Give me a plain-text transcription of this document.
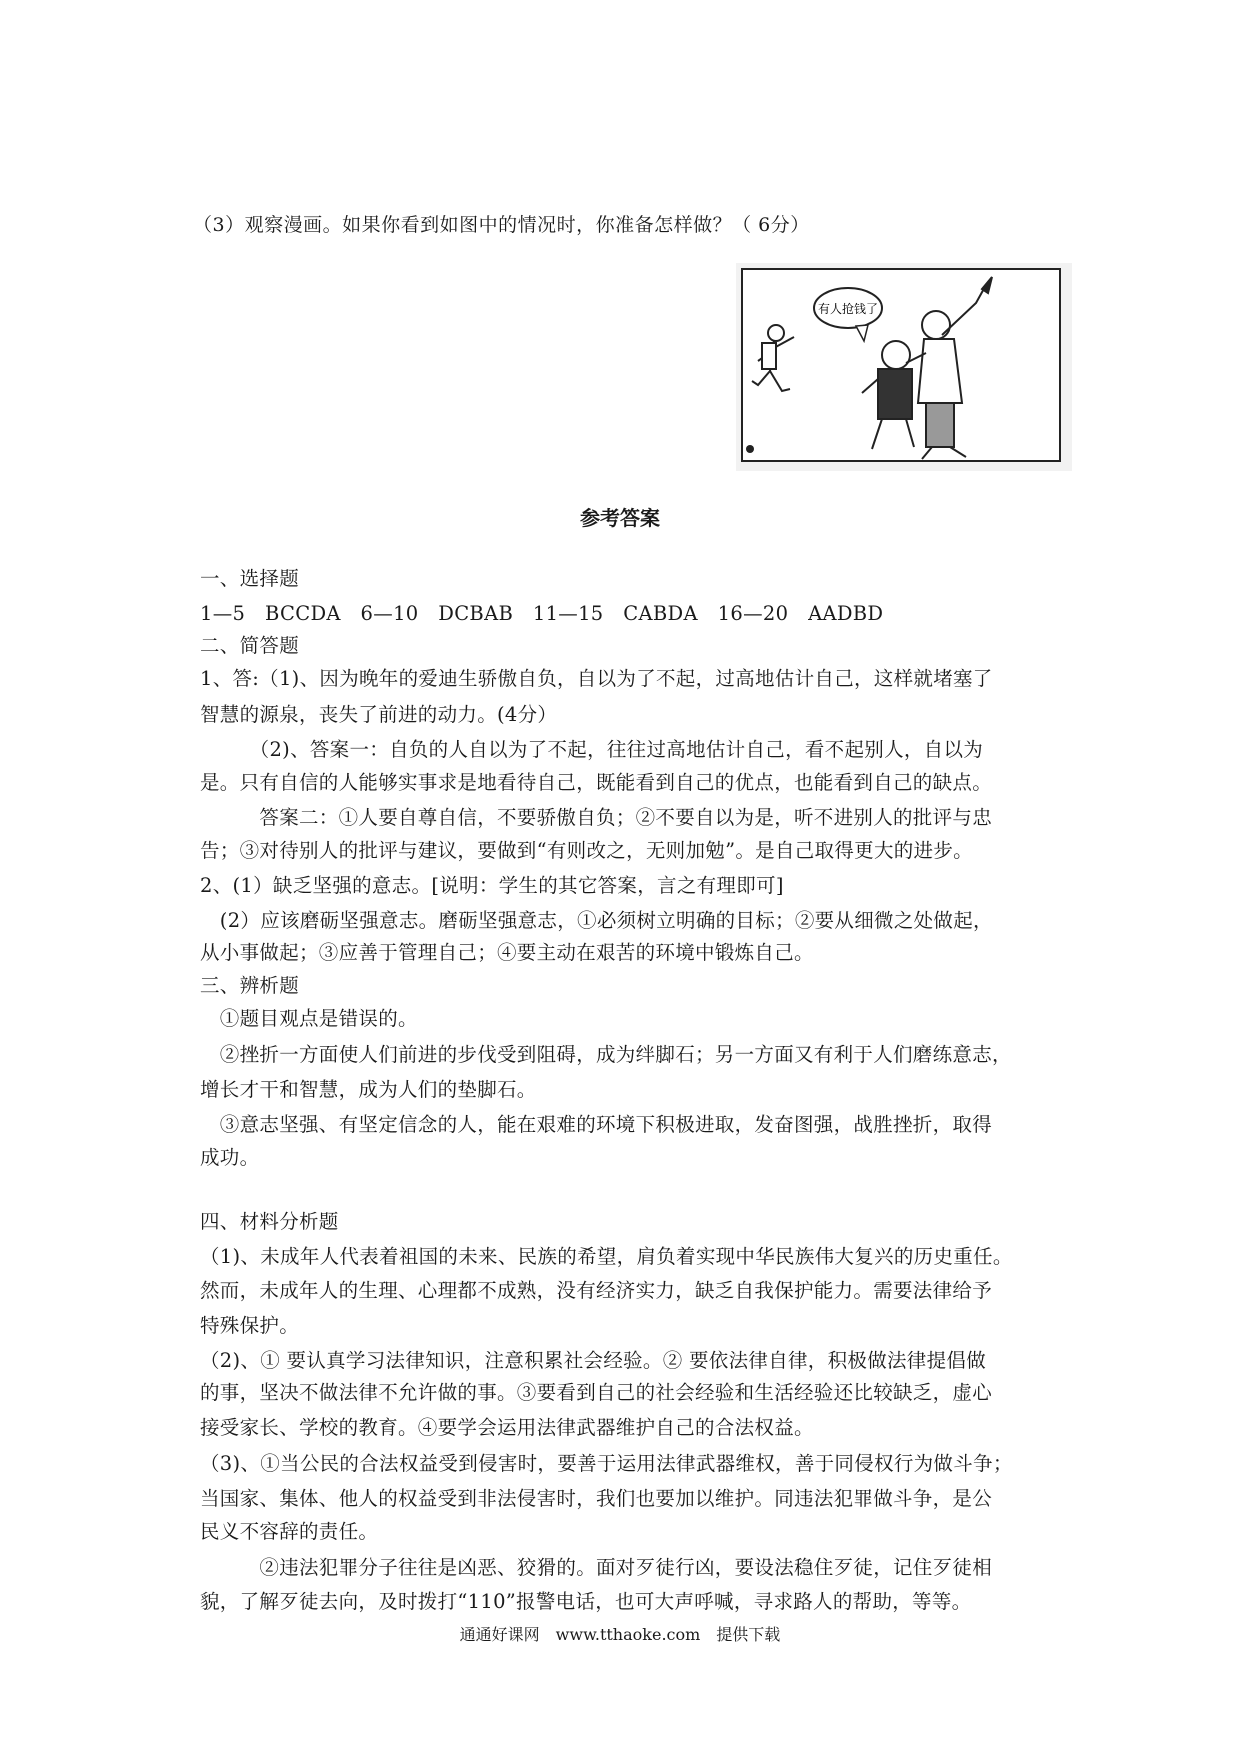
（3）观察漫画。如果你看到如图中的情况时，你准备怎样做？（ 6分）
有人抢钱了
参考答案
一、选择题
1—5　BCCDA　6—10　DCBAB　11—15　CABDA　16—20　AADBD
二、简答题
1、答:（1)、因为晚年的爱迪生骄傲自负，自以为了不起，过高地估计自己，这样就堵塞了
智慧的源泉，丧失了前进的动力。(4分）
　　　（2)、答案一：自负的人自以为了不起，往往过高地估计自己，看不起别人，自以为
是。只有自信的人能够实事求是地看待自己，既能看到自己的优点，也能看到自己的缺点。
　　　答案二：①人要自尊自信，不要骄傲自负；②不要自以为是，听不进别人的批评与忠
告；③对待别人的批评与建议，要做到“有则改之，无则加勉”。是自己取得更大的进步。
2、(1）缺乏坚强的意志。[说明：学生的其它答案，言之有理即可]
　(2）应该磨砺坚强意志。磨砺坚强意志，①必须树立明确的目标；②要从细微之处做起，
从小事做起；③应善于管理自己；④要主动在艰苦的环境中锻炼自己。
三、辨析题
　①题目观点是错误的。
　②挫折一方面使人们前进的步伐受到阻碍，成为绊脚石；另一方面又有利于人们磨练意志，
增长才干和智慧，成为人们的垫脚石。
　③意志坚强、有坚定信念的人，能在艰难的环境下积极进取，发奋图强，战胜挫折，取得
成功。
四、材料分析题
（1)、未成年人代表着祖国的未来、民族的希望，肩负着实现中华民族伟大复兴的历史重任。
然而，未成年人的生理、心理都不成熟，没有经济实力，缺乏自我保护能力。需要法律给予
特殊保护。
（2)、① 要认真学习法律知识，注意积累社会经验。② 要依法律自律，积极做法律提倡做
的事，坚决不做法律不允许做的事。③要看到自己的社会经验和生活经验还比较缺乏，虚心
接受家长、学校的教育。④要学会运用法律武器维护自己的合法权益。
（3)、①当公民的合法权益受到侵害时，要善于运用法律武器维权，善于同侵权行为做斗争；
当国家、集体、他人的权益受到非法侵害时，我们也要加以维护。同违法犯罪做斗争，是公
民义不容辞的责任。
　　　②违法犯罪分子往往是凶恶、狡猾的。面对歹徒行凶，要设法稳住歹徒，记住歹徒相
貌，了解歹徒去向，及时拨打“110”报警电话，也可大声呼喊，寻求路人的帮助，等等。
通通好课网　www.tthaoke.com　提供下载
